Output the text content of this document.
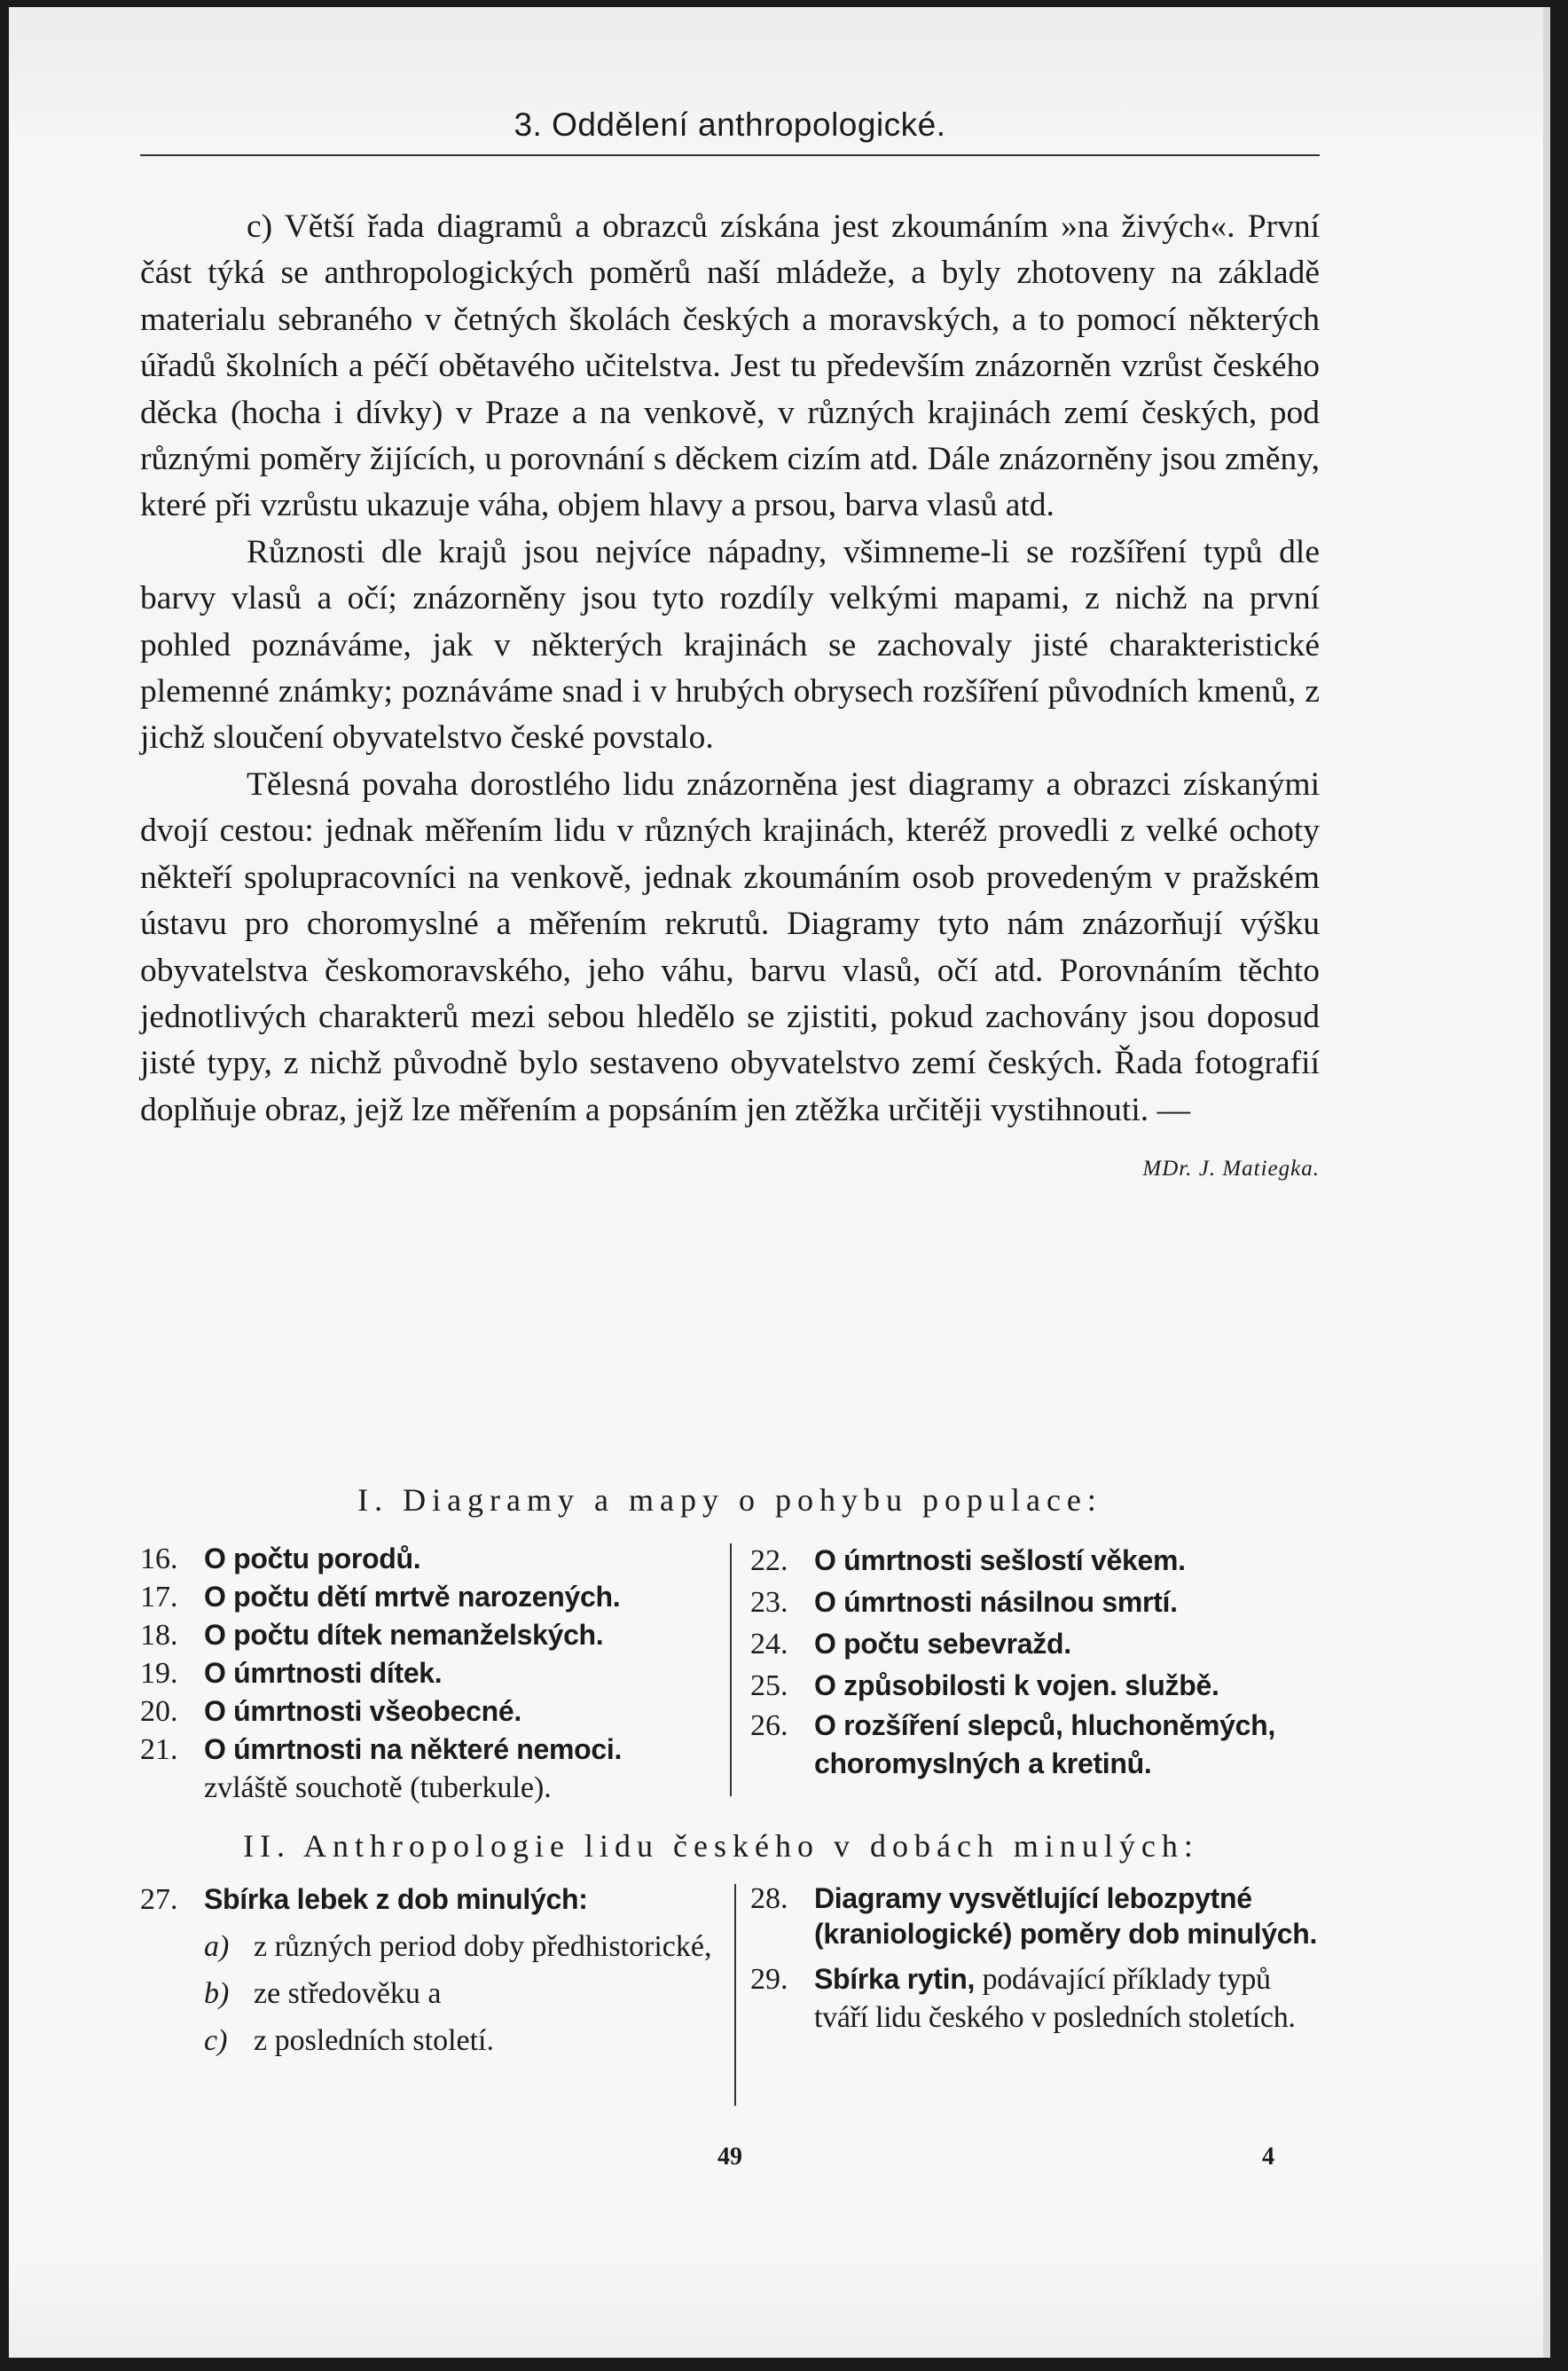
3. Oddělení anthropologické.

c) Větší řada diagramů a obrazců získána jest zkoumáním »na živých«. První část týká se anthropologických poměrů naší mládeže, a byly zhotoveny na základě materialu sebraného v četných školách českých a moravských, a to pomocí některých úřadů školních a péčí obětavého učitelstva. Jest tu především znázorněn vzrůst českého děcka (hocha i dívky) v Praze a na venkově, v různých krajinách zemí českých, pod různými poměry žijících, u porovnání s děckem cizím atd. Dále znázorněny jsou změny, které při vzrůstu ukazuje váha, objem hlavy a prsou, barva vlasů atd.

Různosti dle krajů jsou nejvíce nápadny, všimneme-li se rozšíření typů dle barvy vlasů a očí; znázorněny jsou tyto rozdíly velkými mapami, z nichž na první pohled poznáváme, jak v některých krajinách se zachovaly jisté charakteristické plemenné známky; poznáváme snad i v hrubých obrysech rozšíření původních kmenů, z jichž sloučení obyvatelstvo české povstalo.

Tělesná povaha dorostlého lidu znázorněna jest diagramy a obrazci získanými dvojí cestou: jednak měřením lidu v různých krajinách, kteréž provedli z velké ochoty někteří spolupracovníci na venkově, jednak zkoumáním osob provedeným v pražském ústavu pro choromyslné a měřením rekrutů. Diagramy tyto nám znázorňují výšku obyvatelstva českomoravského, jeho váhu, barvu vlasů, očí atd. Porovnáním těchto jednotlivých charakterů mezi sebou hledělo se zjistiti, pokud zachovány jsou doposud jisté typy, z nichž původně bylo sestaveno obyvatelstvo zemí českých. Řada fotografií doplňuje obraz, jejž lze měřením a popsáním jen ztěžka určitěji vystihnouti. —
MDr. J. Matiegka.

I. Diagramy a mapy o pohybu populace:
16. O počtu porodů.
17. O počtu dětí mrtvě narozených.
18. O počtu dítek nemanželských.
19. O úmrtnosti dítek.
20. O úmrtnosti všeobecné.
21. O úmrtnosti na některé nemoci.
zvláště souchotě (tuberkule).
22. O úmrtnosti sešlostí věkem.
23. O úmrtnosti násilnou smrtí.
24. O počtu sebevražd.
25. O způsobilosti k vojen. službě.
26. O rozšíření slepců, hluchoněmých, choromyslných a kretinů.
II. Anthropologie lidu českého v dobách minulých:
27. Sbírka lebek z dob minulých:
a) z různých period doby předhistorické,
b) ze středověku a
c) z posledních století.
28. Diagramy vysvětlující lebozpytné (kraniologické) poměry dob minulých.
29. Sbírka rytin, podávající příklady typů tváří lidu českého v posledních stoletích.
49	4
